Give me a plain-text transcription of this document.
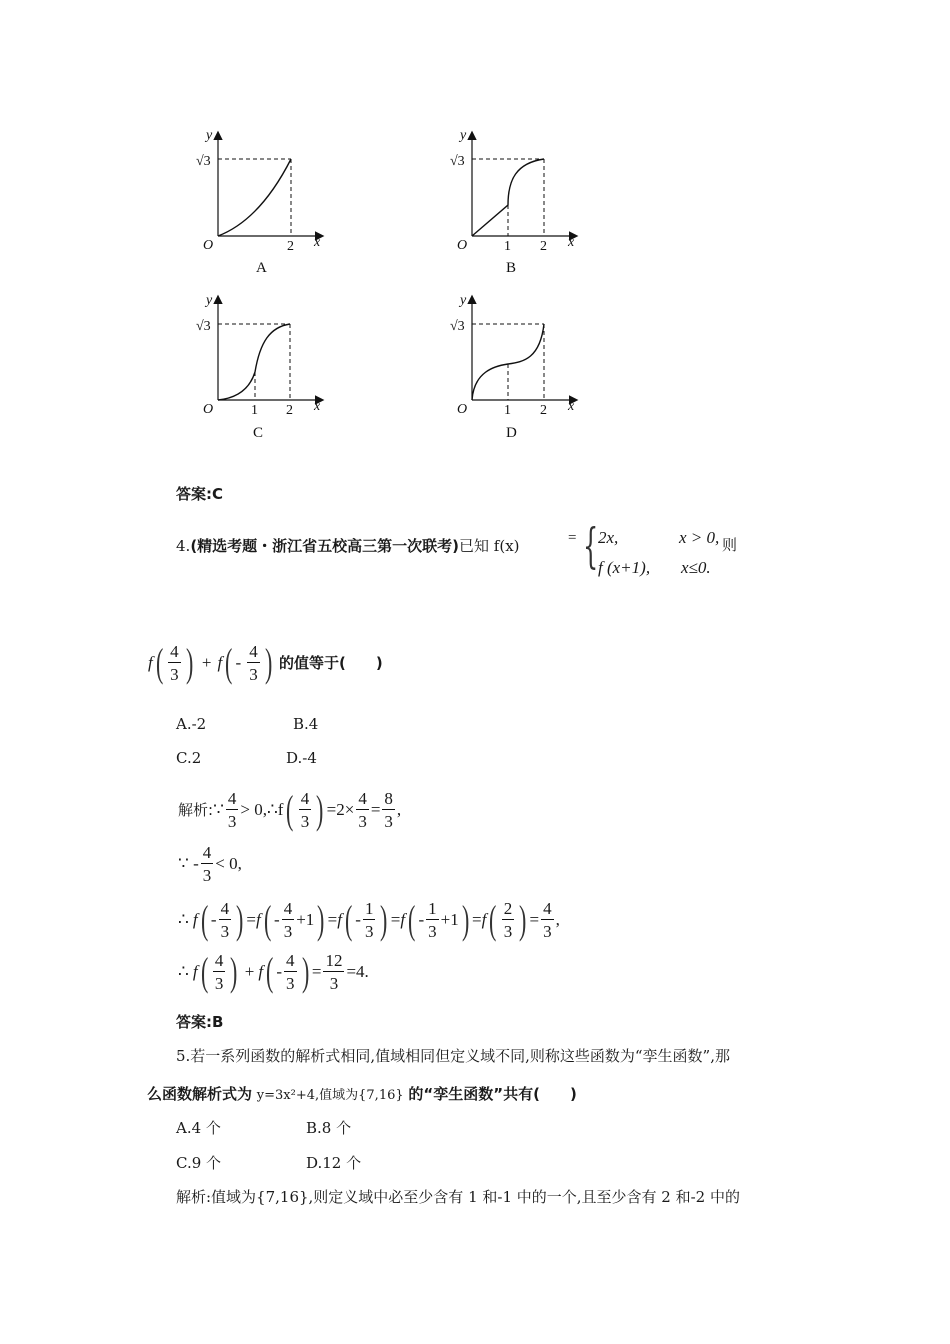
y
√3
O	2 x
A
y
√3
O	1 2 x
B
y
√3
O	1 2 x
C
y
√3
O	1 2 x
D
答案:C
4.(精选考题・浙江省五校高三第一次联考)已知 f(x)	= { 2x,	x > 0, 则
f (x+1), x≤0.
f ( $\frac{4}{3}$ ) + f ( - $\frac{4}{3}$ ) 的值等于(　　)
A.-2	B.4
C.2	D.-4
解析: ∵ $\frac{4}{3}$ > 0,∴f ( $\frac{4}{3}$ ) $=2\times \frac{4}{3} = \frac{8}{3}$ ,
∵ - $\frac{4}{3} < 0$,
∴ f ( - $\frac{4}{3}$ ) = f ( - $\frac{4}{3} +1$ ) = f ( - $\frac{1}{3}$ ) = f ( - $\frac{1}{3} +1$ ) = f ( $\frac{2}{3}$ ) = $\frac{4}{3}$ ,
∴ f ( $\frac{4}{3}$ ) + f ( - $\frac{4}{3}$ ) = $\frac{12}{3} =4$.
答案:B
5.若一系列函数的解析式相同,值域相同但定义域不同,则称这些函数为“孪生函数”,那
么函数解析式为 y=3x²+4,值域为{7,16} 的“孪生函数”共有(　　)
A.4 个	B.8 个
C.9 个	D.12 个
解析:值域为{7,16},则定义域中必至少含有 1 和-1 中的一个,且至少含有 2 和-2 中的
